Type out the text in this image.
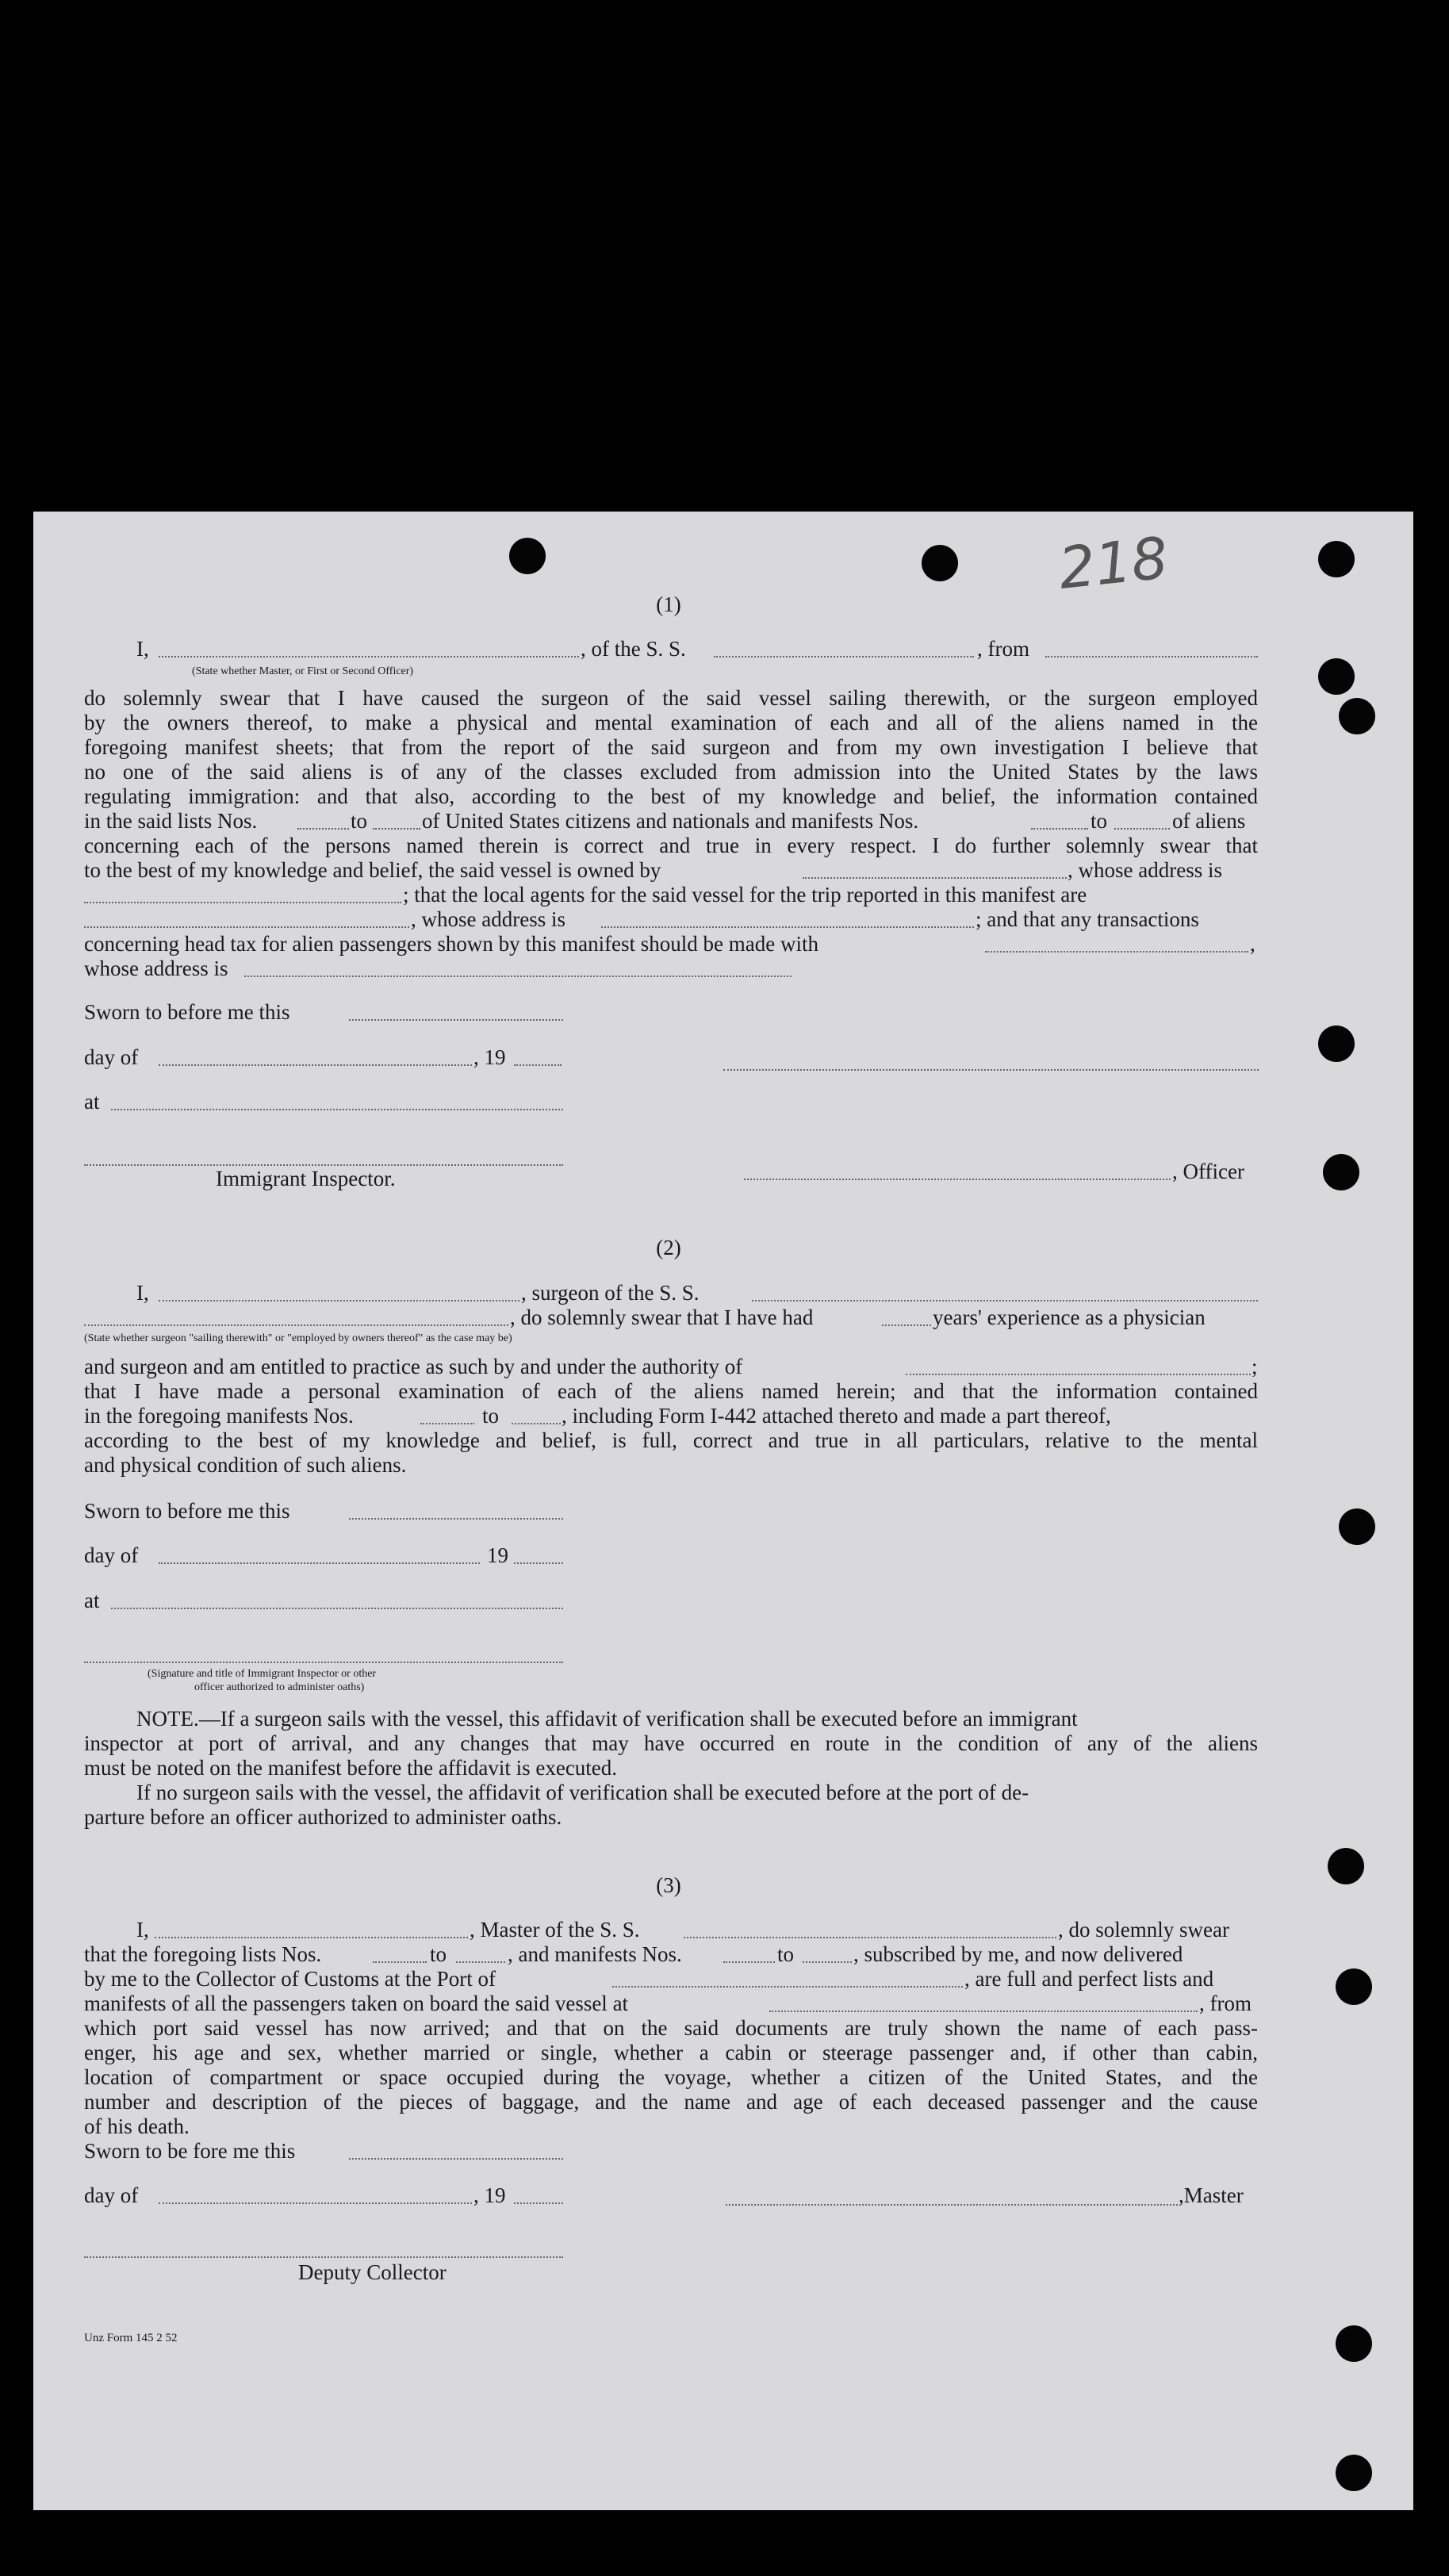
218
(1)
I,	, of the S. S.	, from
(State whether Master, or First or Second Officer)
do solemnly swear that I have caused the surgeon of the said vessel sailing therewith, or the surgeon employed
by the owners thereof, to make a physical and mental examination of each and all of the aliens named in the
foregoing manifest sheets; that from the report of the said surgeon and from my own investigation I believe that
no one of the said aliens is of any of the classes excluded from admission into the United States by the laws
regulating immigration: and that also, according to the best of my knowledge and belief, the information contained
in the said lists Nos.	to	of United States citizens and nationals and manifests Nos.	to	of aliens
concerning each of the persons named therein is correct and true in every respect. I do further solemnly swear that
to the best of my knowledge and belief, the said vessel is owned by	, whose address is
; that the local agents for the said vessel for the trip reported in this manifest are
, whose address is	; and that any transactions
concerning head tax for alien passengers shown by this manifest should be made with	,
whose address is
Sworn to before me this
day of	, 19
at
Immigrant Inspector.	, Officer
(2)
I,	, surgeon of the S. S.
, do solemnly swear that I have had	years' experience as a physician
(State whether surgeon "sailing therewith" or "employed by owners thereof" as the case may be)
and surgeon and am entitled to practice as such by and under the authority of	;
that I have made a personal examination of each of the aliens named herein; and that the information contained
in the foregoing manifests Nos.	to	, including Form I-442 attached thereto and made a part thereof,
according to the best of my knowledge and belief, is full, correct and true in all particulars, relative to the mental
and physical condition of such aliens.
Sworn to before me this
day of	19
at
(Signature and title of Immigrant Inspector or other
officer authorized to administer oaths)
NOTE.—If a surgeon sails with the vessel, this affidavit of verification shall be executed before an immigrant
inspector at port of arrival, and any changes that may have occurred en route in the condition of any of the aliens
must be noted on the manifest before the affidavit is executed.
If no surgeon sails with the vessel, the affidavit of verification shall be executed before at the port of de-
parture before an officer authorized to administer oaths.
(3)
I,	, Master of the S. S.	, do solemnly swear
that the foregoing lists Nos.	to	, and manifests Nos.	to	, subscribed by me, and now delivered
by me to the Collector of Customs at the Port of	, are full and perfect lists and
manifests of all the passengers taken on board the said vessel at	, from
which port said vessel has now arrived; and that on the said documents are truly shown the name of each pass-
enger, his age and sex, whether married or single, whether a cabin or steerage passenger and, if other than cabin,
location of compartment or space occupied during the voyage, whether a citizen of the United States, and the
number and description of the pieces of baggage, and the name and age of each deceased passenger and the cause
of his death.
Sworn to be fore me this
day of	, 19	,Master
Deputy Collector
Unz Form 145 2 52
